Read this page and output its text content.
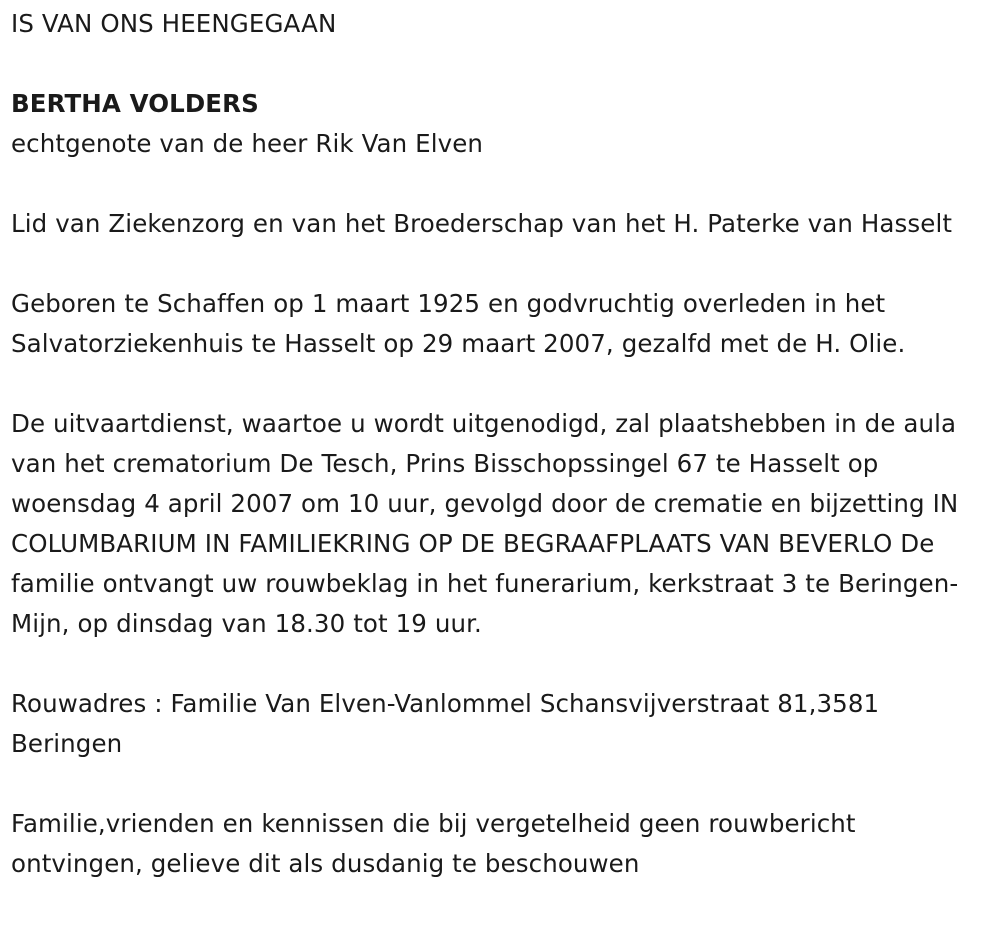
IS VAN ONS HEENGEGAAN

BERTHA VOLDERS

echtgenote van de heer Rik Van Elven

Lid van Ziekenzorg en van het Broederschap van het H. Paterke van Hasselt

Geboren te Schaffen op 1 maart 1925 en godvruchtig overleden in het Salvatorziekenhuis te Hasselt op 29 maart 2007, gezalfd met de H. Olie.

De uitvaartdienst, waartoe u wordt uitgenodigd, zal plaatshebben in de aula van het crematorium De Tesch, Prins Bisschopssingel 67 te Hasselt op woensdag 4 april 2007 om 10 uur, gevolgd door de crematie en bijzetting IN COLUMBARIUM IN FAMILIEKRING OP DE BEGRAAFPLAATS VAN BEVERLO De familie ontvangt uw rouwbeklag in het funerarium, kerkstraat 3 te Beringen-Mijn, op dinsdag van 18.30 tot 19 uur.

Rouwadres : Familie Van Elven-Vanlommel Schansvijverstraat 81,3581 Beringen

Familie,vrienden en kennissen die bij vergetelheid geen rouwbericht ontvingen, gelieve dit als dusdanig te beschouwen
